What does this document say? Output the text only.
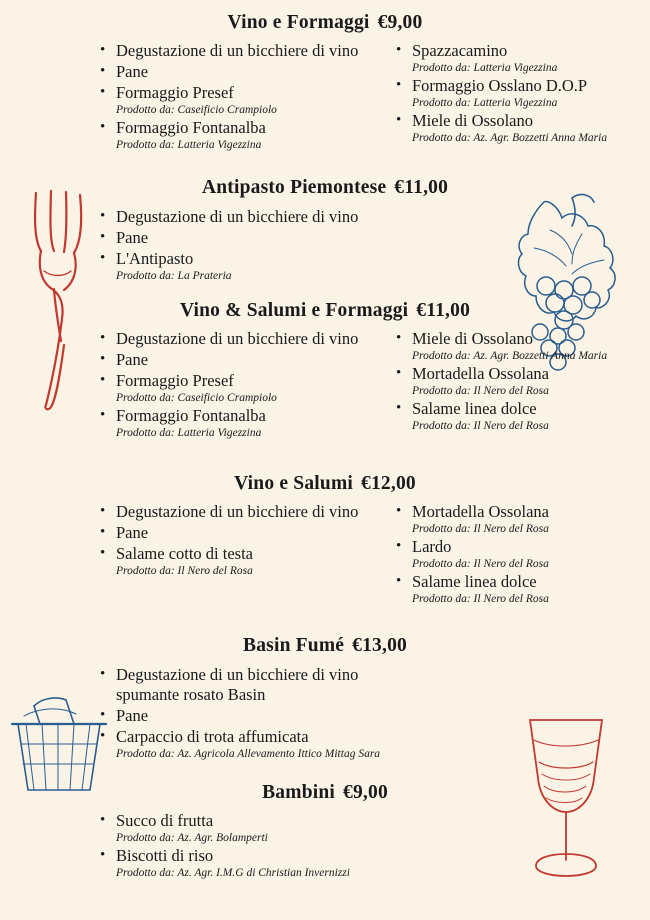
Vino e Formaggi €9,00
• Degustazione di un bicchiere di vino
• Pane
• Formaggio Presef
Prodotto da: Caseificio Crampiolo
• Formaggio Fontanalba
Prodotto da: Latteria Vigezzina
• Spazzacamino
Prodotto da: Latteria Vigezzina
• Formaggio Osslano D.O.P
Prodotto da: Latteria Vigezzina
• Miele di Ossolano
Prodotto da: Az. Agr. Bozzetti Anna Maria
Antipasto Piemontese €11,00
• Degustazione di un bicchiere di vino
• Pane
• L'Antipasto
Prodotto da: La Prateria
Vino & Salumi e Formaggi €11,00
• Degustazione di un bicchiere di vino
• Pane
• Formaggio Presef
Prodotto da: Caseificio Crampiolo
• Formaggio Fontanalba
Prodotto da: Latteria Vigezzina
• Miele di Ossolano
Prodotto da: Az. Agr. Bozzetti Anna Maria
• Mortadella Ossolana
Prodotto da: Il Nero del Rosa
• Salame linea dolce
Prodotto da: Il Nero del Rosa
Vino e Salumi €12,00
• Degustazione di un bicchiere di vino
• Pane
• Salame cotto di testa
Prodotto da: Il Nero del Rosa
• Mortadella Ossolana
Prodotto da: Il Nero del Rosa
• Lardo
Prodotto da: Il Nero del Rosa
• Salame linea dolce
Prodotto da: Il Nero del Rosa
Basin Fumé €13,00
• Degustazione di un bicchiere di vino spumante rosato Basin
• Pane
• Carpaccio di trota affumicata
Prodotto da: Az. Agricola Allevamento Ittico Mittag Sara
Bambini €9,00
• Succo di frutta
Prodotto da: Az. Agr. Bolamperti
• Biscotti di riso
Prodotto da: Az. Agr. I.M.G di Christian Invernizzi
